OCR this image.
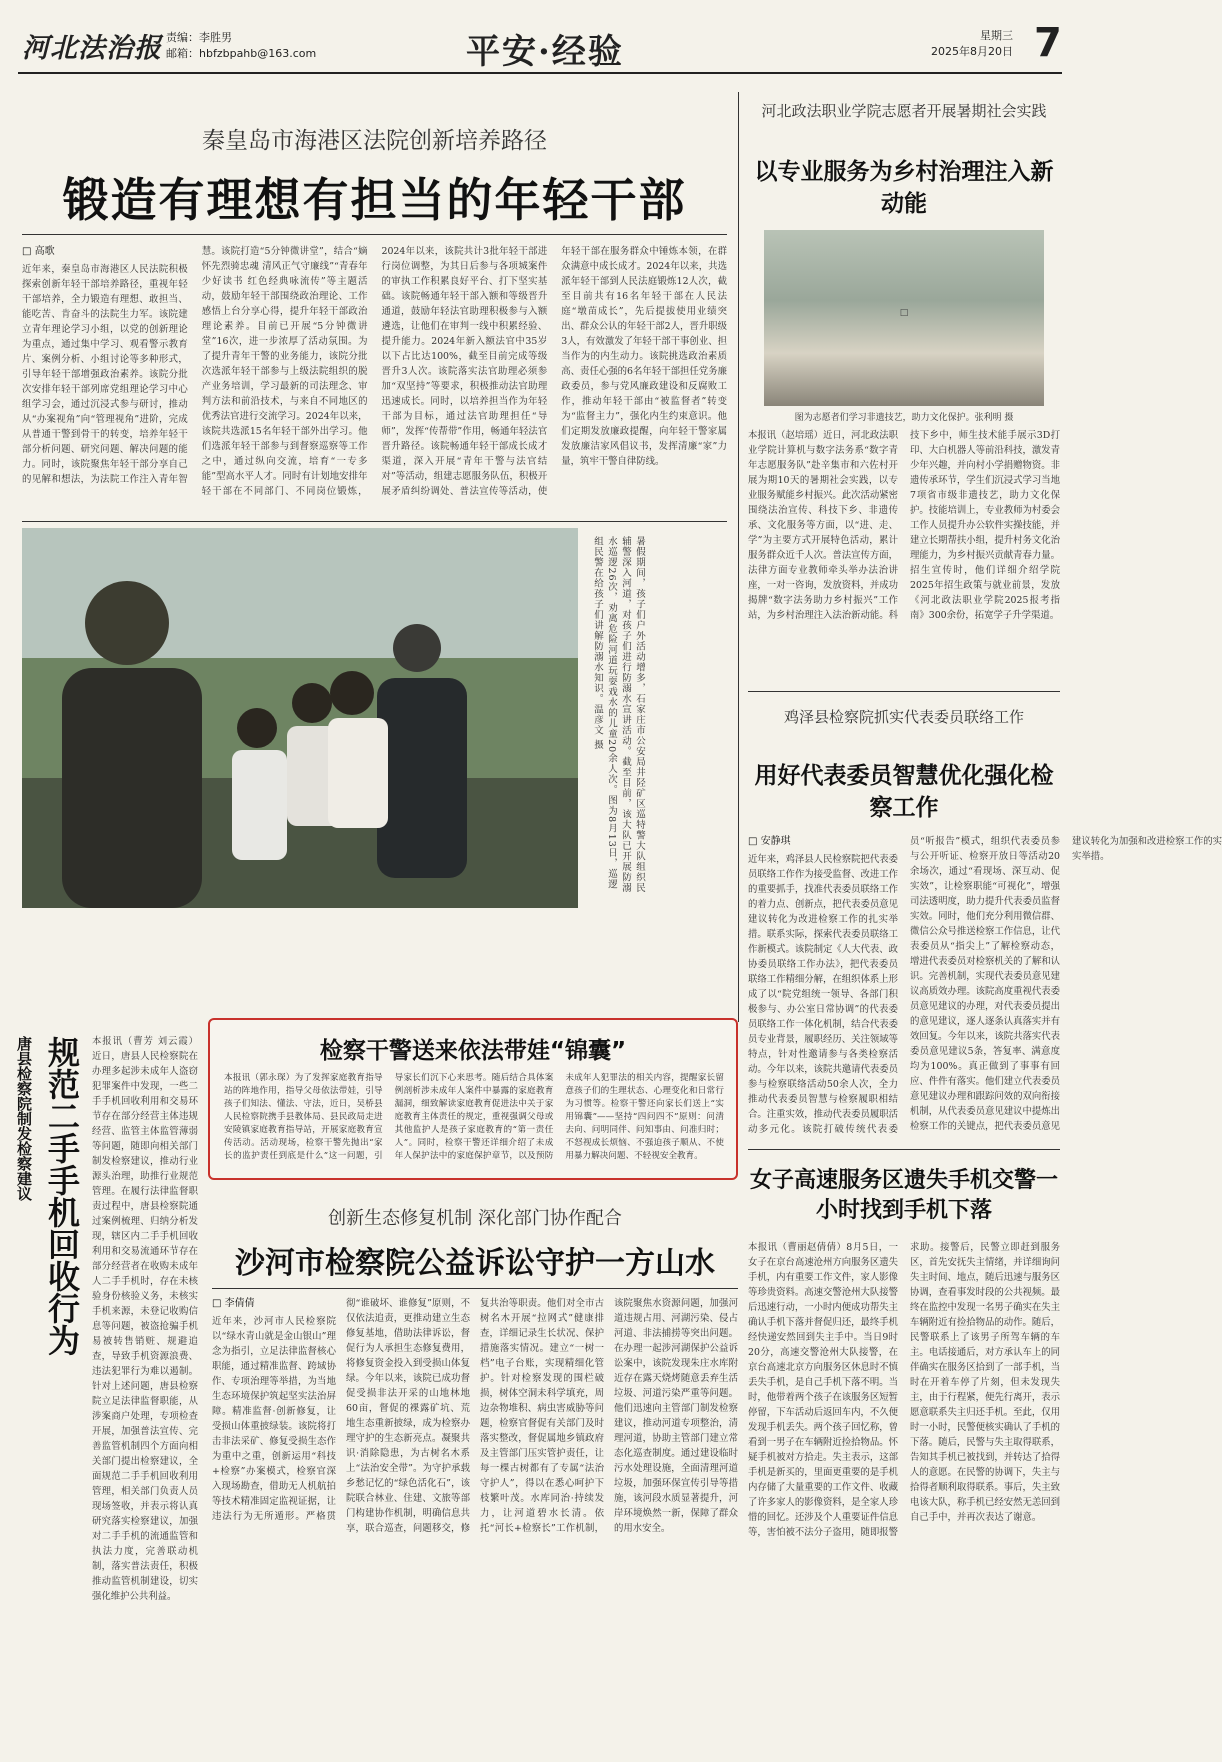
河北法治报 责编：李胜男
邮箱：hbfzbpahb@163.com	平安·经验	星期三
2025年8月20日 7
秦皇岛市海港区法院创新培养路径
锻造有理想有担当的年轻干部
□ 高歌
近年来，秦皇岛市海港区人民法院积极探索创新年轻干部培养路径，重视年轻干部培养，全力锻造有理想、敢担当、能吃苦、肯奋斗的法院生力军。该院建立青年理论学习小组，以党的创新理论为重点，通过集中学习、观看警示教育片、案例分析、小组讨论等多种形式，引导年轻干部增强政治素养。该院分批次安排年轻干部列席党组理论学习中心组学习会，通过沉浸式参与研讨，推动从“办案视角”向“管理视角”进阶，完成从普通干警到骨干的转变，培养年轻干部分析问题、研究问题、解决问题的能力。同时，该院聚焦年轻干部分享自己的见解和想法，为法院工作注入青年智慧。该院打造“5分钟微讲堂”，结合“嫡怀先烈骑忠魂 清风正气守廉线”“青春年少好读书 红色经典咏流传”等主题活动，鼓励年轻干部围绕政治理论、工作感悟上台分享心得，提升年轻干部政治理论素养。目前已开展“5分钟微讲堂”16次，进一步浓厚了活动氛围。为了提升青年干警的业务能力，该院分批次选派年轻干部参与上级法院组织的脱产业务培训，学习最新的司法理念、审判方法和前沿技术，与来自不同地区的优秀法官进行交流学习。2024年以来，该院共选派15名年轻干部外出学习。他们选派年轻干部参与到督察巡察等工作之中，通过纵向交流，培育“一专多能”型高水平人才。同时有计划地安排年轻干部在不同部门、不同岗位锻炼，2024年以来，该院共计3批年轻干部进行岗位调整，为其日后参与各项城案件的审执工作积累良好平台、打下坚实基础。该院畅通年轻干部入额和等级晋升通道，鼓励年轻法官助理积极参与入额遴选，让他们在审判一线中积累经验、提升能力。2024年新入额法官中35岁以下占比达100%，截至目前完成等级晋升3人次。该院落实法官助理必须参加“双坚持”等要求，积极推动法官助理迅速成长。同时，以培养担当作为年轻干部为目标，通过法官助理担任“导师”，发挥“传帮带”作用，畅通年轻法官晋升路径。该院畅通年轻干部成长成才渠道，深入开展“青年干警与法官结对”等活动，组建志愿服务队伍，积极开展矛盾纠纷调处、普法宣传等活动，使年轻干部在服务群众中锤炼本领，在群众满意中成长成才。2024年以来，共选派年轻干部到人民法庭锻炼12人次，截至目前共有16名年轻干部在人民法庭“墩苗成长”，先后提拔使用业绩突出、群众公认的年轻干部2人，晋升职级3人，有效激发了年轻干部干事创业、担当作为的内生动力。该院挑选政治素质高、责任心强的6名年轻干部担任党务廉政委员，参与党风廉政建设和反腐败工作，推动年轻干部由“被监督者”转变为“监督主力”，强化内生约束意识。他们定期发放廉政提醒，向年轻干警家属发放廉洁家风倡议书，发挥清廉“家”力量，筑牢干警自律防线。
河北政法职业学院志愿者开展暑期社会实践
以专业服务为乡村治理注入新动能
□
图为志愿者们学习非遗技艺，助力文化保护。张利明 摄
本报讯（赵培瑶）近日，河北政法职业学院计算机与数字法务系“数字青年志愿服务队”赴辛集市和六佐村开展为期10天的暑期社会实践，以专业服务赋能乡村振兴。此次活动紧密围绕法治宣传、科技下乡、非遗传承、文化服务等方面，以“进、走、学”为主要方式开展特色活动，累计服务群众近千人次。普法宣传方面，法律方面专业教师牵头举办法治讲座，一对一咨询，发放资料，并成功揭牌“数字法务助力乡村振兴”工作站，为乡村治理注入法治新动能。科技下乡中，师生技术能手展示3D打印、大白机器人等前沿科技，激发青少年兴趣，并向村小学捐赠物资。非遗传承环节，学生们沉浸式学习当地7项省市级非遗技艺，助力文化保护。技能培训上，专业教师为村委会工作人员提升办公软件实操技能，并建立长期帮扶小组，提升村务文化治理能力，为乡村振兴贡献青春力量。招生宣传时，他们详细介绍学院2025年招生政策与就业前景，发放《河北政法职业学院2025报考指南》300余份，拓宽学子升学渠道。
暑假期间，孩子们户外活动增多，石家庄市公安局井陉矿区巡特警大队组织民辅警深入河道，对孩子们进行防溺水宣讲活动。截至目前，该大队已开展防溺水巡逻26次，劝离危险河道玩耍戏水的儿童20余人次。图为8月13日，巡逻组民警在给孩子们讲解防溺水知识。温彦文 摄	鸡泽县检察院抓实代表委员联络工作
用好代表委员智慧优化强化检察工作
□ 安静琪
近年来，鸡泽县人民检察院把代表委员联络工作作为接受监督、改进工作的重要抓手，找准代表委员联络工作的着力点、创新点，把代表委员意见建议转化为改进检察工作的扎实举措。联系实际，探索代表委员联络工作新模式。该院制定《人大代表、政协委员联络工作办法》，把代表委员联络工作精细分解，在组织体系上形成了以“院党组统一领导、各部门积极参与、办公室日常协调”的代表委员联络工作一体化机制，结合代表委员专业背景，履职经历、关注领域等特点，针对性邀请参与各类检察活动。今年以来，该院共邀请代表委员参与检察联络活动50余人次，全力推动代表委员智慧与检察履职相结合。注重实效，推动代表委员履职活动多元化。该院打破传统代表委员“听报告”模式，组织代表委员参与公开听证、检察开放日等活动20余场次，通过“看现场、深互动、促实效”，让检察职能“可视化”，增强司法透明度，助力提升代表委员监督实效。同时，他们充分利用微信群、微信公众号推送检察工作信息，让代表委员从“指尖上”了解检察动态，增进代表委员对检察机关的了解和认识。完善机制，实现代表委员意见建议高质效办理。该院高度重视代表委员意见建议的办理，对代表委员提出的意见建议，逐人逐条认真落实并有效回复。今年以来，该院共落实代表委员意见建议5条，答复率、满意度均为100%。真正做到了事事有回应、件件有落实。他们建立代表委员意见建议办理和跟踪问效的双向衔接机制，从代表委员意见建议中提炼出检察工作的关键点，把代表委员意见建议转化为加强和改进检察工作的实实举措。
检察干警送来依法带娃“锦囊”
本报讯（郭永琛）为了发挥家庭教育指导站的阵地作用，指导父母依法带娃，引导孩子们知法、懂法、守法，近日，吴桥县人民检察院携手县教体局、县民政局走进安陵镇家庭教育指导站，开展家庭教育宣传活动。活动现场，检察干警先抛出“家长的监护责任到底是什么”这一问题，引导家长们沉下心来思考。随后结合具体案例剖析涉未成年人案件中暴露的家庭教育漏洞，细致解读家庭教育促进法中关于家庭教育主体责任的规定，重视强调父母或其他监护人是孩子家庭教育的“第一责任人”。同时，检察干警还详细介绍了未成年人保护法中的家庭保护章节，以及预防未成年人犯罪法的相关内容，提醒家长留意孩子们的生理状态、心理变化和日常行为习惯等。检察干警还向家长们送上“实用锦囊”——坚持“四问四不”原则：问清去向、问明同伴、问知事由、问准归时；不怒视成长烦恼、不强迫孩子顺从、不使用暴力解决问题、不轻视安全教育。
唐县检察院制发检察建议 规范二手手机回收行为 本报讯（曹芳 刘云霞）近日，唐县人民检察院在办理多起涉未成年人盗窃犯罪案件中发现，一些二手手机回收利用和交易环节存在部分经营主体违规经营、监管主体监管薄弱等问题，随即向相关部门制发检察建议，推动行业源头治理，助推行业规范管理。在履行法律监督职责过程中，唐县检察院通过案例梳理、归纳分析发现，辖区内二手手机回收利用和交易流通环节存在部分经营者在收购未成年人二手手机时，存在未核验身份核验义务，未核实手机来源，未登记收购信息等问题，被盗抢骗手机易被转售销赃、规避追查，导致手机资源浪费、违法犯罪行为难以遏制。针对上述问题，唐县检察院立足法律监督职能，从涉案商户处理，专项检查开展，加强普法宣传、完善监管机制四个方面向相关部门提出检察建议，全面规范二手手机回收利用管理，相关部门负责人员现场签收，并表示将认真研究落实检察建议，加强对二手手机的流通监管和执法力度，完善联动机制，落实普法责任，积极推动监管机制建设，切实强化维护公共利益。
创新生态修复机制 深化部门协作配合
沙河市检察院公益诉讼守护一方山水
□ 李倩倩
近年来，沙河市人民检察院以“绿水青山就是金山银山”理念为指引，立足法律监督核心职能，通过精准监督、跨域协作、专项治理等举措，为当地生态环境保护筑起坚实法治屏障。精准监督·创新修复，让受损山体重披绿装。该院将打击非法采矿、修复受损生态作为重中之重，创新运用“科技+检察”办案模式，检察官深入现场勘查，借助无人机航拍等技术精准固定监视证据，让违法行为无所遁形。严格贯彻“谁破坏、谁修复”原则，不仅依法追责，更推动建立生态修复基地，借助法律诉讼，督促行为人承担生态修复费用，将修复资金投入到受损山体复绿。今年以来，该院已成功督促受损非法开采的山地林地60亩，督促的裸露矿坑、荒地生态重新披绿，成为检察办理守护的生态新亮点。凝聚共识·消除隐患，为古树名木系上“法治安全带”。为守护承载乡愁记忆的“绿色活化石”，该院联合林业、住建、文旅等部门构建协作机制，明确信息共享，联合巡查，问题移交，修复共治等职责。他们对全市古树名木开展“拉网式”健康排查，详细记录生长状况、保护措施落实情况。建立“一树一档”电子台账，实现精细化管护。针对检察发现的围栏破损，树体空洞未科学填充，周边杂物堆积、病虫害威胁等问题，检察官督促有关部门及时落实整改，督促属地乡镇政府及主管部门压实管护责任，让每一棵古树都有了专属“法治守护人”，得以在悉心呵护下枝繁叶茂。水库同治·持续发力，让河道碧水长清。依托“河长+检察长”工作机制，该院聚焦水资源问题，加强河道违规占用、河湖污染、侵占河道、非法捕捞等突出问题。在办理一起涉河湖保护公益诉讼案中，该院发现朱庄水库附近存在露天烧烤随意丢弃生活垃圾、河道污染严重等问题。他们迅速向主管部门制发检察建议，推动河道专项整治，清理河道，协助主管部门建立常态化巡查制度。通过建设临时污水处理设施，全面清理河道垃圾，加强环保宣传引导等措施，该河段水质显著提升，河岸环境焕然一新，保障了群众的用水安全。
女子高速服务区遗失手机交警一小时找到手机下落
本报讯（曹丽赵倩倩）8月5日，一女子在京台高速沧州方向服务区遗失手机，内有重要工作文件，家人影像等珍贵资料。高速交警沧州大队接警后迅速行动，一小时内便成功帮失主确认手机下落并督促归还，最终手机经快递安然回到失主手中。当日9时20分，高速交警沧州大队接警，在京台高速北京方向服务区休息时不慎丢失手机，是自己手机下落不明。当时，他带着两个孩子在该服务区短暂停留，下车活动后返回车内，不久便发现手机丢失。两个孩子回忆称，曾看到一男子在车辆附近捡拾物品。怀疑手机被对方拾走。失主表示，这部手机是新买的，里面更重要的是手机内存储了大量重要的工作文件、收藏了许多家人的影像资料，是全家人珍惜的回忆。还涉及个人重要证件信息等，害怕被不法分子盗用，随即报警求助。接警后，民警立即赶到服务区，首先安抚失主情绪，并详细询问失主时间、地点，随后迅速与服务区协调，查看事发时段的公共视频。最终在监控中发现一名男子确实在失主车辆附近有捡拾物品的动作。随后，民警联系上了该男子所驾车辆的车主。电话接通后，对方承认车上的同伴确实在服务区拾到了一部手机，当时在开着车停了片刻，但未发现失主，由于行程紧，便先行离开，表示愿意联系失主归还手机。至此，仅用时一小时，民警便核实确认了手机的下落。随后，民警与失主取得联系，告知其手机已被找到，并转达了拾得人的意愿。在民警的协调下，失主与拾得者顺利取得联系。事后，失主致电该大队，称手机已经安然无恙回到自己手中，并再次表达了谢意。
